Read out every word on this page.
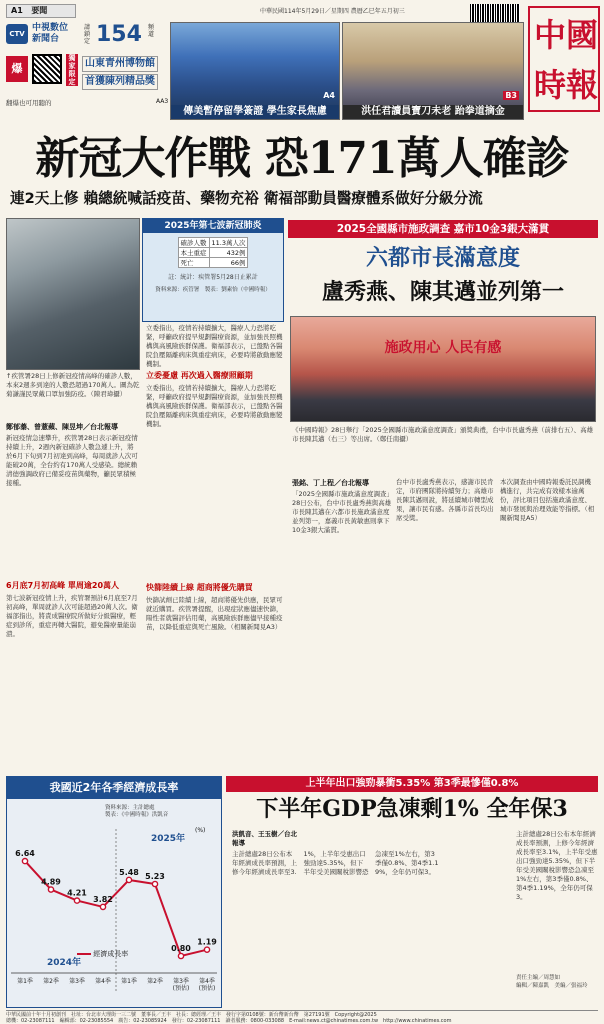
A1 要聞	中華民國114年5月29日／星期四 農曆乙巳年五月初三
中國時報
CTV
中視數位
新聞台
請鎖定 154 頻道
爆
獨家限定
山東青州博物館
首獲陳列精品獎
AA3
翻爆也可用聽的
A4
傳美暫停留學簽證 學生家長焦慮
B3
洪任君讀員寶刀未老 跆拳道摘金
新冠大作戰 恐171萬人確診
連2天上修 賴總統喊話疫苗、藥物充裕 衛福部動員醫療體系做好分級分流
2025年第七波新冠肺炎
確診人數	11.3萬人次
本土重症	432例
死亡	66例
註：統計：疾管署5月28日止累計
資料來源：疾管署　製表：劉素怡（中國時報）
↑疾管署28日上修新冠疫情高峰的確診人數，本來2週多到達的人數恐超過170萬人。圖為乾菊謙謹民眾戴口罩加強防疫。（陳君瑋攝）
鄭郁蓁、曾薏蘋、陳昱坤／台北報導
新冠疫情急速攀升，疾管署28日表示新冠疫情持續上升，2週內新冠確診人數急遽上升，將於6月下旬到7月初達到高峰，每周就診人次可能破20萬，全台約有170萬人受感染。總統賴清德強調政府已備妥疫苗與藥物，籲民眾積極接種。
6月底7月初高峰 單周逾20萬人
第七波新冠疫情上升，疾管署預計6月底至7月初高峰，單周就診人次可能超過20萬人次。衛福部指出，將責成醫療院所做好分級醫療，輕症到診所，重症再轉大醫院，避免醫療量能崩潰。
立委指出，疫情若持續擴大，醫療人力恐將吃緊，呼籲政府提早規劃醫療資源，並加強長照機構與高風險族群保護。衛福部表示，已盤點各醫院負壓隔離病床與重症病床，必要時將啟動應變機制。
立委憂慮 再次過入醫療照顧期
立委指出，疫情若持續擴大，醫療人力恐將吃緊，呼籲政府提早規劃醫療資源，並加強長照機構與高風險族群保護。衛福部表示，已盤點各醫院負壓隔離病床與重症病床，必要時將啟動應變機制。
快篩陸續上線 超商將優先購買
快篩試劑已陸續上線，超商將優先供應，民眾可就近購買。疾管署提醒，出現症狀應儘速快篩，陽性者就醫評估用藥，高風險族群應儘早接種疫苗，以降低重症與死亡風險。（相關新聞見A3）
2025全國縣市施政調查 嘉市10金3銀大滿貫
六都市長滿意度
盧秀燕、陳其邁並列第一
施政用心 人民有感
《中國時報》28日舉行「2025全國縣市施政滿意度調查」頒獎典禮，台中市長盧秀燕（前排右五）、高雄市長陳其邁（右三）等出席。（鄭任南攝）
張銘、丁上程／台北報導
「2025全國縣市施政滿意度調查」28日公布，台中市長盧秀燕與高雄市長陳其邁在六都市長施政滿意度並列第一，嘉義市長黃敏惠則拿下10金3銀大滿貫。
台中市長盧秀燕表示，感謝市民肯定，市府團隊將持續努力；高雄市長陳其邁則說，將延續城市轉型成果，讓市民有感。各縣市首長均出席受獎。
本次調查由中國時報委託民調機構進行，共完成有效樣本逾萬份，評比項目包括施政滿意度、城市發展與治理效能等指標。（相關新聞見A5）
上半年出口強勁暴衝5.35% 第3季最慘僅0.8%
下半年GDP急凍剩1% 全年保3
洪凱音、王玉樹／台北報導
主計總處28日公布本年經濟成長率預測，上修今年經濟成長率至3.1%，上半年受惠出口強勁達5.35%，但下半年受美國關稅影響恐急凍至1%左右，第3季僅0.8%、第4季1.19%，全年仍可保3。
主計總處28日公布本年經濟成長率預測，上修今年經濟成長率至3.1%，上半年受惠出口強勁達5.35%，但下半年受美國關稅影響恐急凍至1%左右，第3季僅0.8%、第4季1.19%，全年仍可保3。
責任主編／周慧如
編輯／陳嘉凱　美編／張福玲
我國近2年各季經濟成長率
資料來源：主計總處
製表：《中國時報》洪凱音
(%)
6.64
第1季
4.89
第2季
4.21
第3季
3.82
第4季
5.48
第1季
5.23
第2季
0.80
第3季
(預估)
1.19
第4季
(預估)
2024年
2025年
經濟成長率
中華民國前十年十月初創刊　社址：台北市大理街一三二號　董事長／王丰　社長：總經理／王丰　發行字第0108號：新台幣新台幣　第27191號　Copyright@2025
總機：02-23087111　編輯部：02-23085554　廣告：02-23085924　發行：02-23087111　讀者服務：0800-033088　E-mail:news.ct@chinatimes.com.tw　http://www.chinatimes.com
